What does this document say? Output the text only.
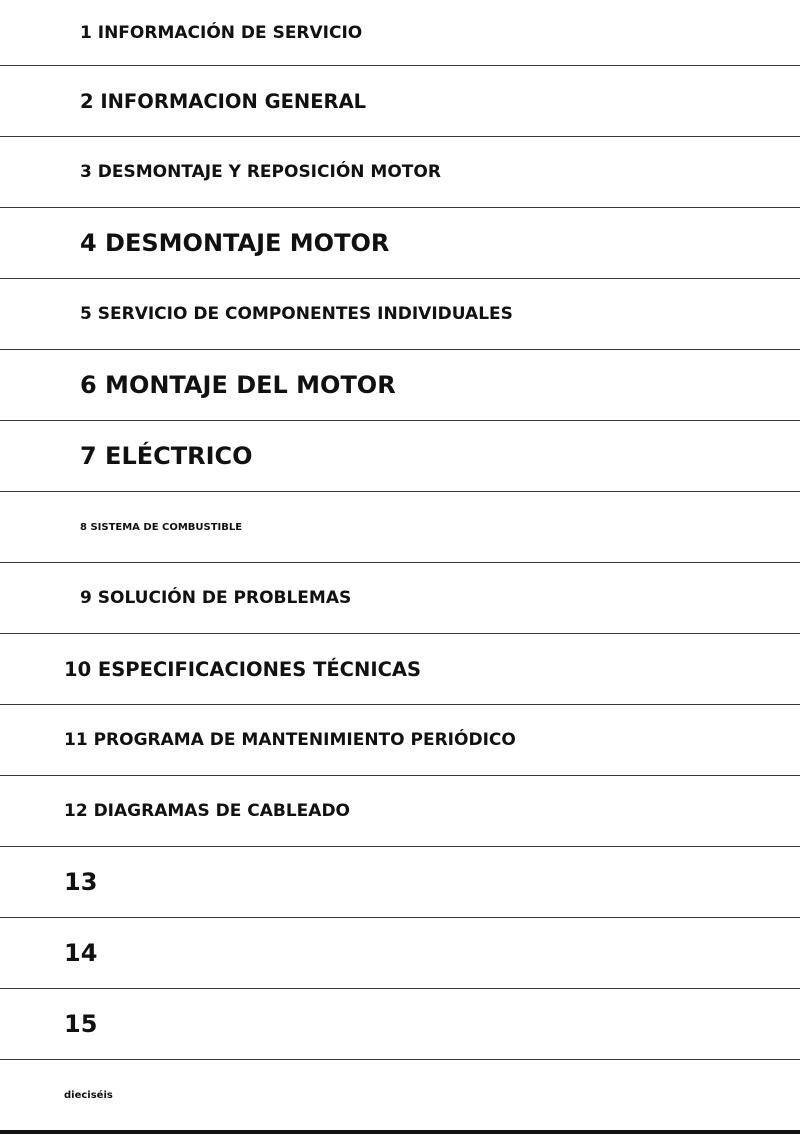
1 INFORMACIÓN DE SERVICIO
2 INFORMACION GENERAL
3 DESMONTAJE Y REPOSICIÓN MOTOR
4 DESMONTAJE MOTOR
5 SERVICIO DE COMPONENTES INDIVIDUALES
6 MONTAJE DEL MOTOR
7 ELÉCTRICO
8 SISTEMA DE COMBUSTIBLE
9 SOLUCIÓN DE PROBLEMAS
10 ESPECIFICACIONES TÉCNICAS
11 PROGRAMA DE MANTENIMIENTO PERIÓDICO
12 DIAGRAMAS DE CABLEADO
13
14
15
dieciséis
